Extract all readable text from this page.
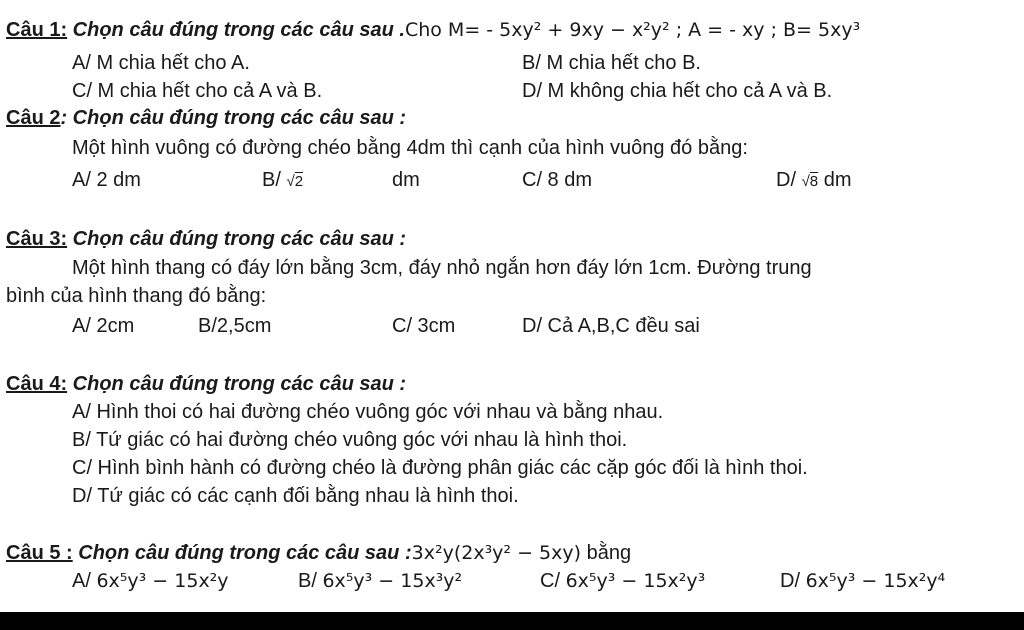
Câu 1: Chọn câu đúng trong các câu sau .Cho M= - 5xy² + 9xy − x²y² ; A = - xy ; B= 5xy³
A/ M chia hết cho A.	B/ M chia hết cho B.
C/ M chia hết cho cả A và B.	D/ M không chia hết cho cả A và B.
Câu 2: Chọn câu đúng trong các câu sau :
Một hình vuông có đường chéo bằng 4dm thì cạnh của hình vuông đó bằng:
A/ 2 dm	B/ √2	dm	C/ 8 dm	D/ √8 dm
Câu 3: Chọn câu đúng trong các câu sau :
Một hình thang có đáy lớn bằng 3cm, đáy nhỏ ngắn hơn đáy lớn 1cm. Đường trung
bình của hình thang đó bằng:
A/ 2cm	B/2,5cm	C/ 3cm	D/ Cả A,B,C đều sai
Câu 4: Chọn câu đúng trong các câu sau :
A/ Hình thoi có hai đường chéo vuông góc với nhau và bằng nhau.
B/ Tứ giác có hai đường chéo vuông góc với nhau là hình thoi.
C/ Hình bình hành có đường chéo là đường phân giác các cặp góc đối là hình thoi.
D/ Tứ giác có các cạnh đối bằng nhau là hình thoi.
Câu 5 : Chọn câu đúng trong các câu sau :3x²y(2x³y² − 5xy) bằng
A/ 6x⁵y³ − 15x²y	B/ 6x⁵y³ − 15x³y²	C/ 6x⁵y³ − 15x²y³	D/ 6x⁵y³ − 15x²y⁴
